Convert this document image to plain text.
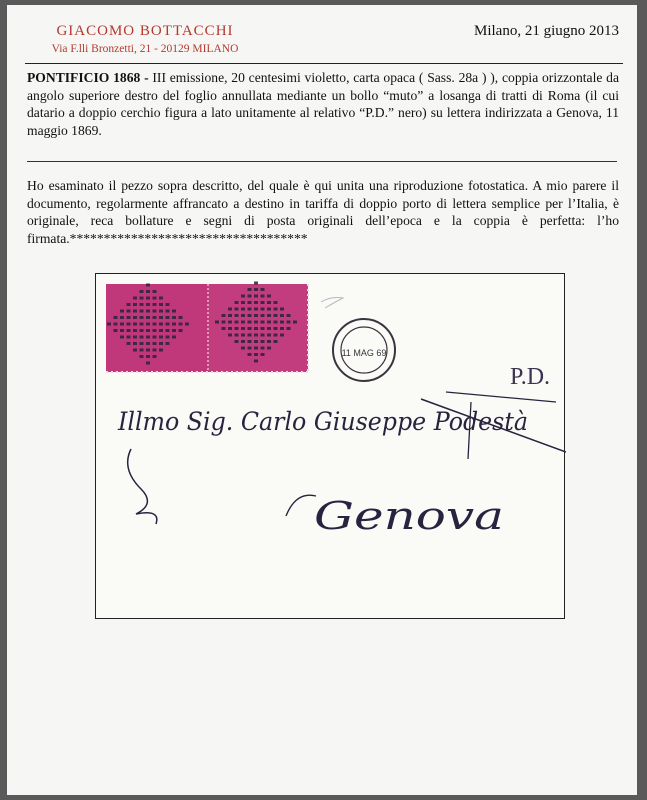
GIACOMO BOTTACCHI
Via F.lli Bronzetti, 21 - 20129 MILANO
Milano, 21 giugno 2013
PONTIFICIO 1868 - III emissione, 20 centesimi violetto, carta opaca ( Sass. 28a ) ), coppia orizzontale da angolo superiore destro del foglio annullata mediante un bollo “muto” a losanga di tratti di Roma (il cui datario a doppio cerchio figura a lato unitamente al relativo “P.D.” nero) su lettera indirizzata a Genova, 11 maggio 1869.
Ho esaminato il pezzo sopra descritto, del quale è qui unita una riproduzione fotostatica. A mio parere il documento, regolarmente affrancato a destino in tariffa di doppio porto di lettera semplice per l’Italia, è originale, reca bollature e segni di posta originali dell’epoca e la coppia è perfetta: l’ho firmata.***********************************
11 MAG 69
P.D.
Illmo Sig. Carlo Giuseppe Podestà
Genova
